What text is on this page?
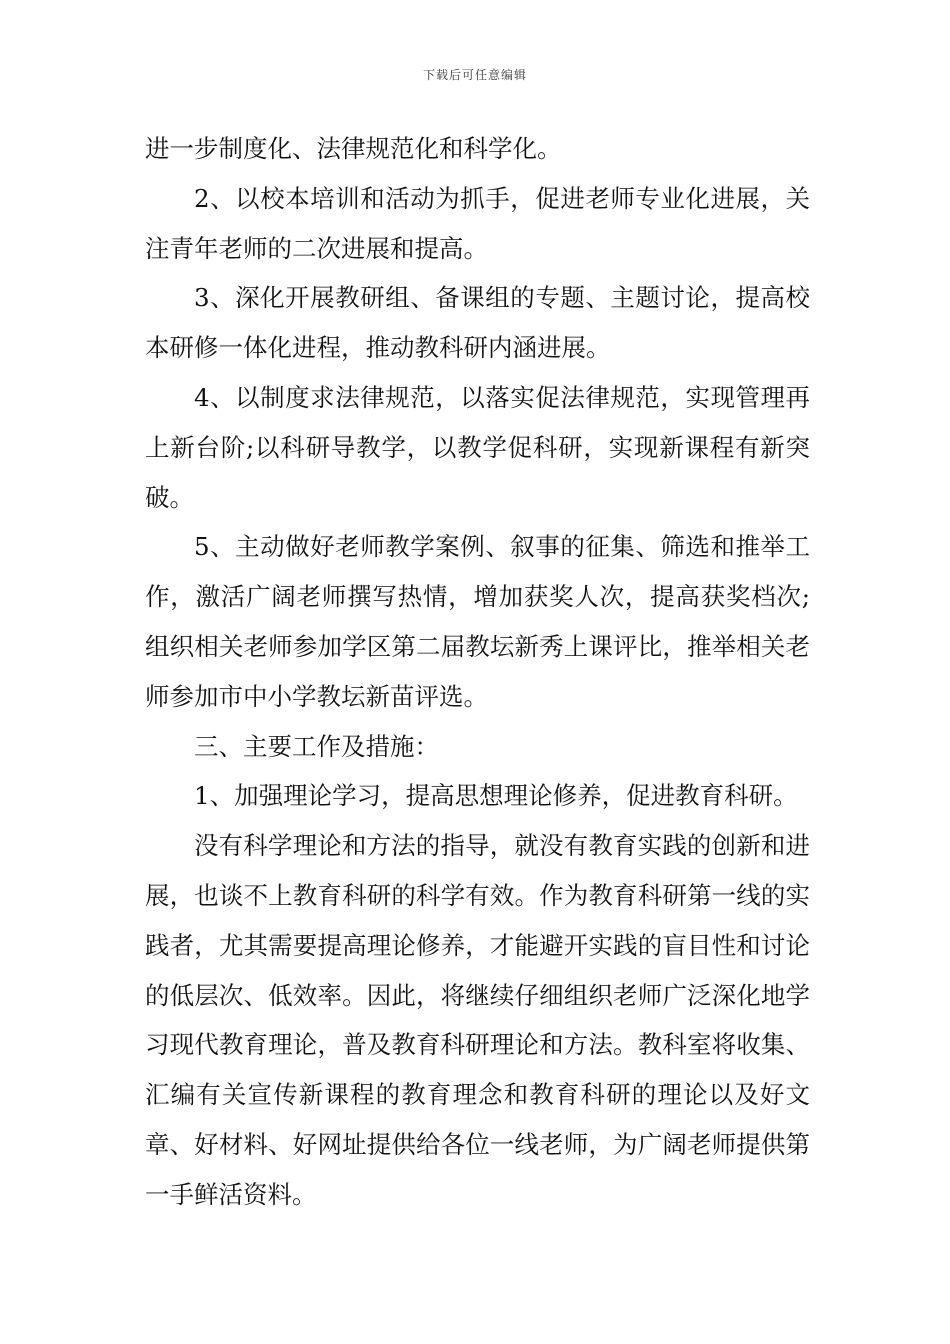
下载后可任意编辑

进一步制度化、法律规范化和科学化。

2、以校本培训和活动为抓手，促进老师专业化进展，关注青年老师的二次进展和提高。

3、深化开展教研组、备课组的专题、主题讨论，提高校本研修一体化进程，推动教科研内涵进展。

4、以制度求法律规范，以落实促法律规范，实现管理再上新台阶;以科研导教学，以教学促科研，实现新课程有新突破。

5、主动做好老师教学案例、叙事的征集、筛选和推举工作，激活广阔老师撰写热情，增加获奖人次，提高获奖档次;组织相关老师参加学区第二届教坛新秀上课评比，推举相关老师参加市中小学教坛新苗评选。

三、主要工作及措施：

1、加强理论学习，提高思想理论修养，促进教育科研。

没有科学理论和方法的指导，就没有教育实践的创新和进展，也谈不上教育科研的科学有效。作为教育科研第一线的实践者，尤其需要提高理论修养，才能避开实践的盲目性和讨论的低层次、低效率。因此，将继续仔细组织老师广泛深化地学习现代教育理论，普及教育科研理论和方法。教科室将收集、汇编有关宣传新课程的教育理念和教育科研的理论以及好文章、好材料、好网址提供给各位一线老师，为广阔老师提供第一手鲜活资料。
